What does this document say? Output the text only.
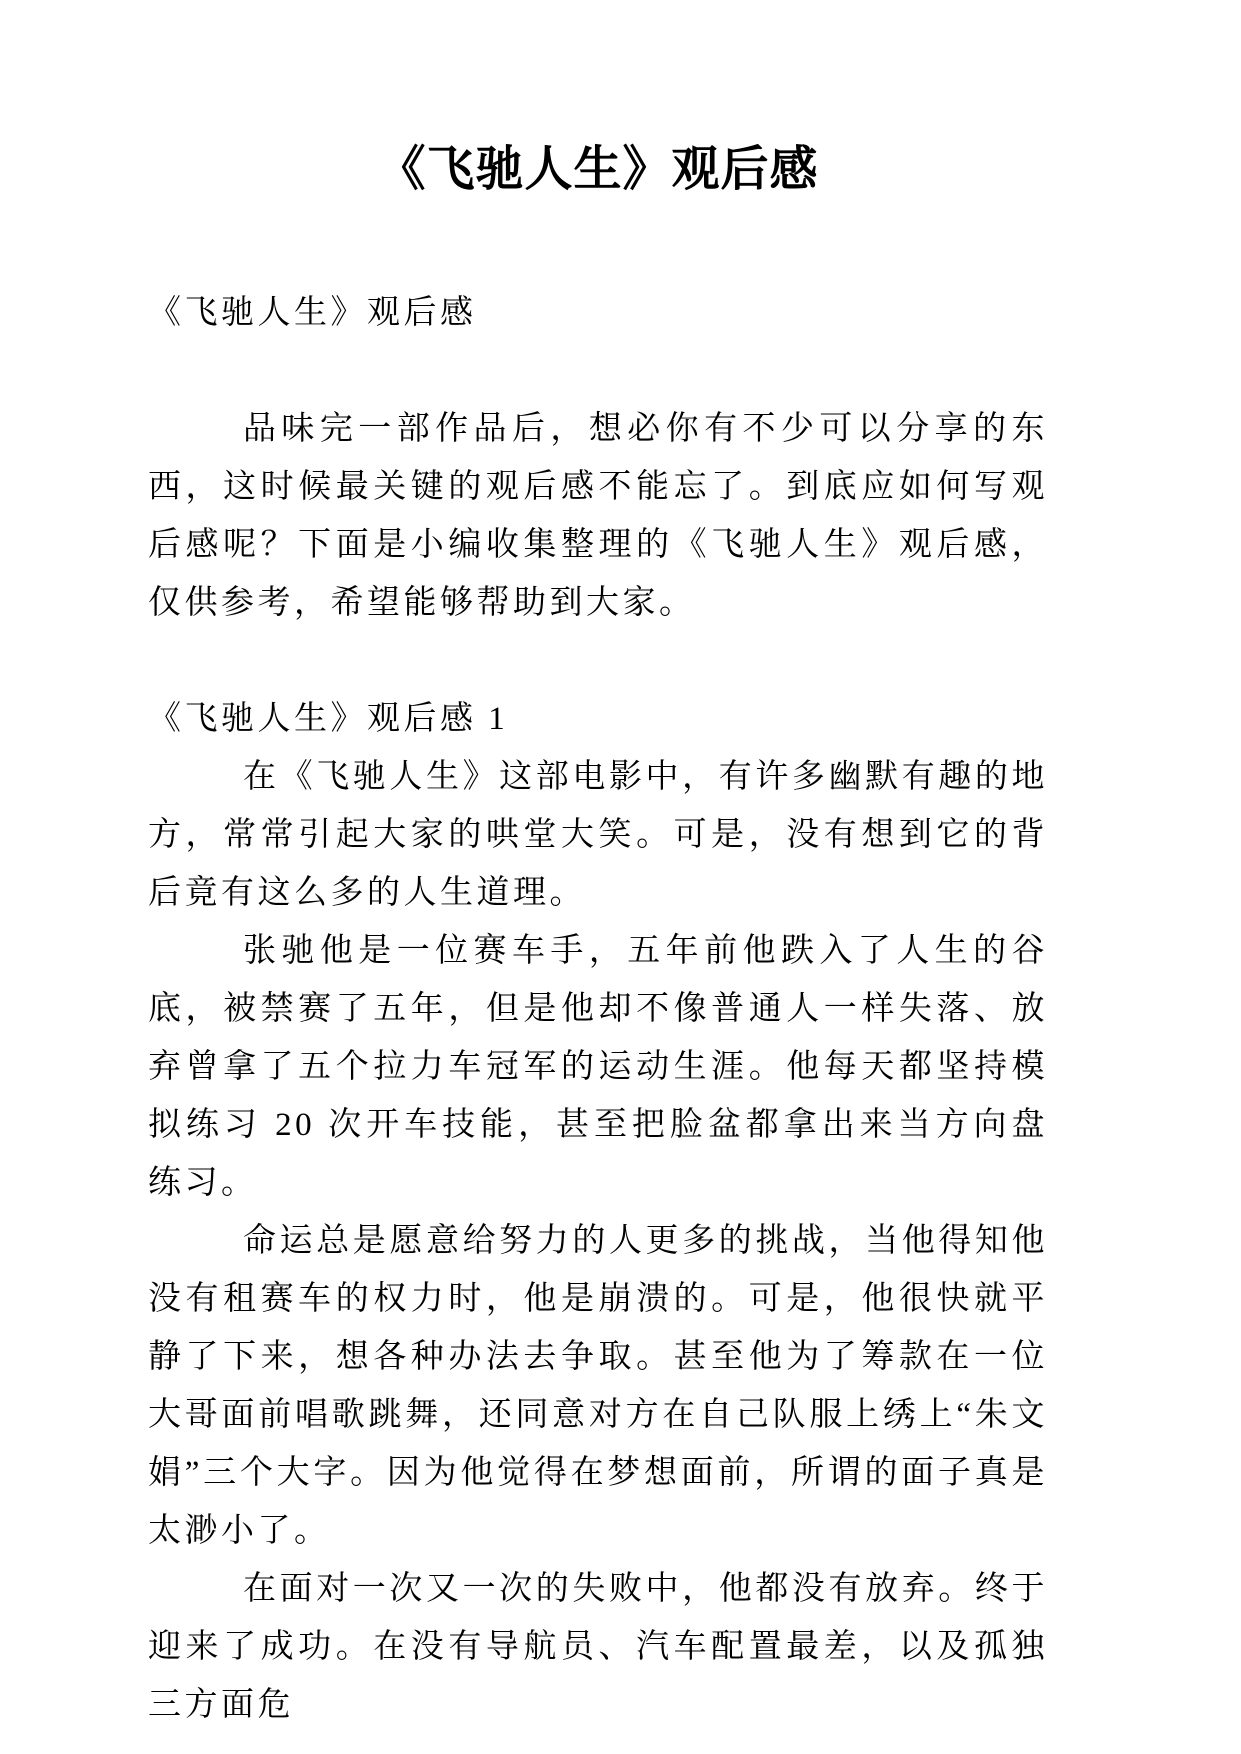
《飞驰人生》观后感

《飞驰人生》观后感

品味完一部作品后，想必你有不少可以分享的东西，这时候最关键的观后感不能忘了。到底应如何写观后感呢？下面是小编收集整理的《飞驰人生》观后感，仅供参考，希望能够帮助到大家。

《飞驰人生》观后感 1

在《飞驰人生》这部电影中，有许多幽默有趣的地方，常常引起大家的哄堂大笑。可是，没有想到它的背后竟有这么多的人生道理。

张驰他是一位赛车手，五年前他跌入了人生的谷底，被禁赛了五年，但是他却不像普通人一样失落、放弃曾拿了五个拉力车冠军的运动生涯。他每天都坚持模拟练习 20 次开车技能，甚至把脸盆都拿出来当方向盘练习。

命运总是愿意给努力的人更多的挑战，当他得知他没有租赛车的权力时，他是崩溃的。可是，他很快就平静了下来，想各种办法去争取。甚至他为了筹款在一位大哥面前唱歌跳舞，还同意对方在自己队服上绣上“朱文娟”三个大字。因为他觉得在梦想面前，所谓的面子真是太渺小了。

在面对一次又一次的失败中，他都没有放弃。终于迎来了成功。在没有导航员、汽车配置最差，以及孤独三方面危
